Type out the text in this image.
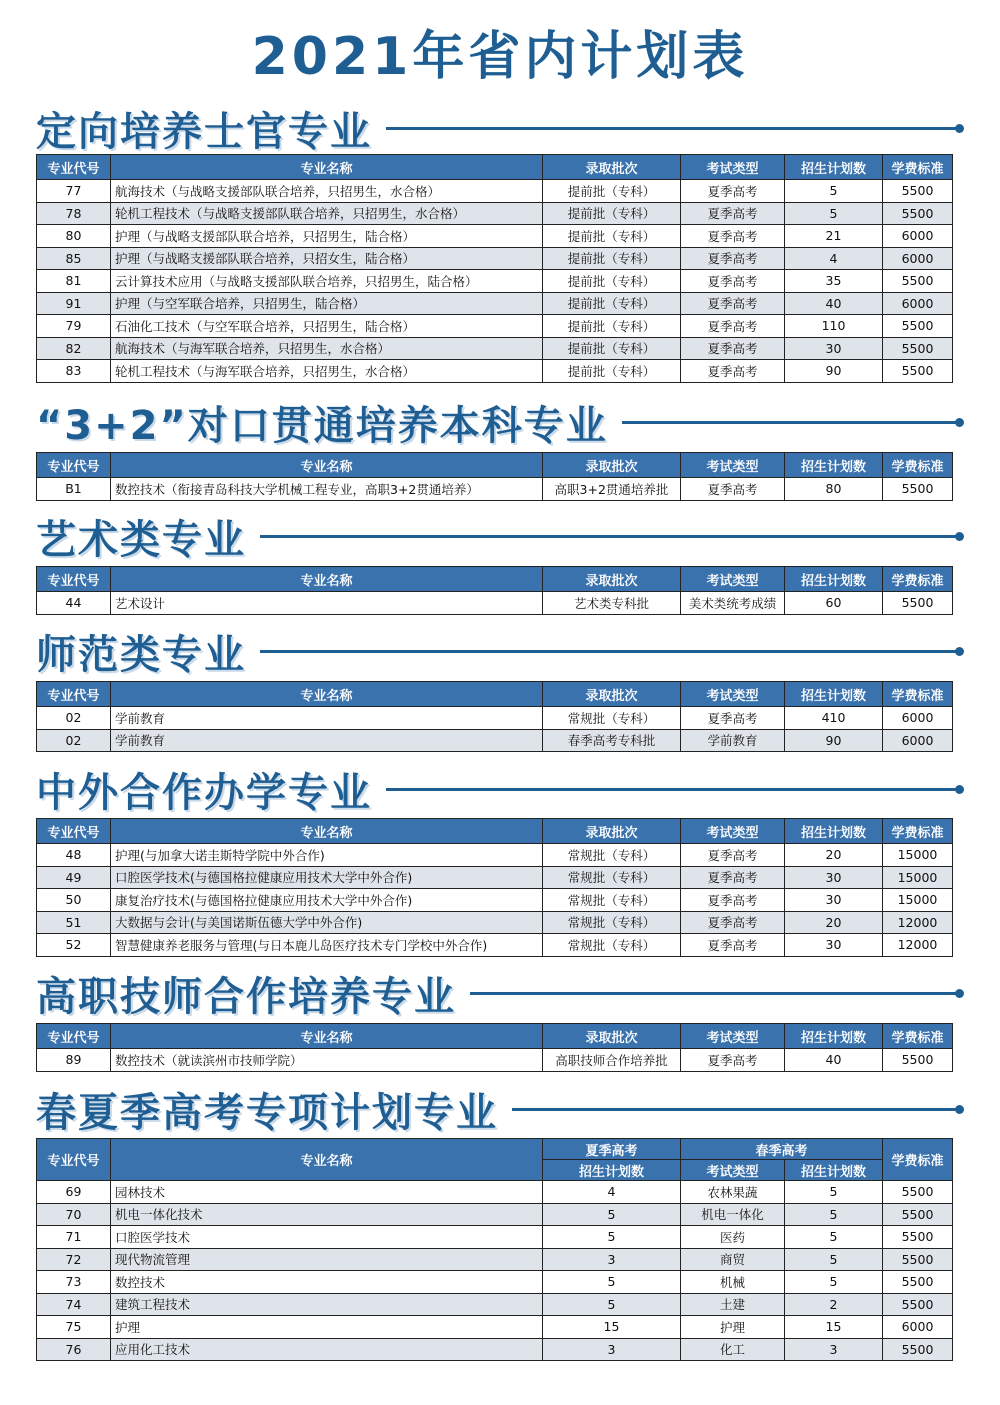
2021年省内计划表
定向培养士官专业
专业代号	专业名称	录取批次	考试类型	招生计划数	学费标准
77	航海技术（与战略支援部队联合培养，只招男生，水合格）	提前批（专科）	夏季高考	5	5500
78	轮机工程技术（与战略支援部队联合培养，只招男生，水合格）	提前批（专科）	夏季高考	5	5500
80	护理（与战略支援部队联合培养，只招男生，陆合格）	提前批（专科）	夏季高考	21	6000
85	护理（与战略支援部队联合培养，只招女生，陆合格）	提前批（专科）	夏季高考	4	6000
81	云计算技术应用（与战略支援部队联合培养，只招男生，陆合格）	提前批（专科）	夏季高考	35	5500
91	护理（与空军联合培养，只招男生，陆合格）	提前批（专科）	夏季高考	40	6000
79	石油化工技术（与空军联合培养，只招男生，陆合格）	提前批（专科）	夏季高考	110	5500
82	航海技术（与海军联合培养，只招男生，水合格）	提前批（专科）	夏季高考	30	5500
83	轮机工程技术（与海军联合培养，只招男生，水合格）	提前批（专科）	夏季高考	90	5500
“3+2”对口贯通培养本科专业
专业代号	专业名称	录取批次	考试类型	招生计划数	学费标准
B1	数控技术（衔接青岛科技大学机械工程专业，高职3+2贯通培养）	高职3+2贯通培养批	夏季高考	80	5500
艺术类专业
专业代号	专业名称	录取批次	考试类型	招生计划数	学费标准
44	艺术设计	艺术类专科批	美术类统考成绩	60	5500
师范类专业
专业代号	专业名称	录取批次	考试类型	招生计划数	学费标准
02	学前教育	常规批（专科）	夏季高考	410	6000
02	学前教育	春季高考专科批	学前教育	90	6000
中外合作办学专业
专业代号	专业名称	录取批次	考试类型	招生计划数	学费标准
48	护理(与加拿大诺圭斯特学院中外合作)	常规批（专科）	夏季高考	20	15000
49	口腔医学技术(与德国格拉健康应用技术大学中外合作)	常规批（专科）	夏季高考	30	15000
50	康复治疗技术(与德国格拉健康应用技术大学中外合作)	常规批（专科）	夏季高考	30	15000
51	大数据与会计(与美国诺斯伍德大学中外合作)	常规批（专科）	夏季高考	20	12000
52	智慧健康养老服务与管理(与日本鹿儿岛医疗技术专门学校中外合作)	常规批（专科）	夏季高考	30	12000
高职技师合作培养专业
专业代号	专业名称	录取批次	考试类型	招生计划数	学费标准
89	数控技术（就读滨州市技师学院）	高职技师合作培养批	夏季高考	40	5500
春夏季高考专项计划专业
专业代号	专业名称	夏季高考	春季高考		学费标准
		招生计划数	考试类型	招生计划数	
69	园林技术	4	农林果蔬	5	5500
70	机电一体化技术	5	机电一体化	5	5500
71	口腔医学技术	5	医药	5	5500
72	现代物流管理	3	商贸	5	5500
73	数控技术	5	机械	5	5500
74	建筑工程技术	5	土建	2	5500
75	护理	15	护理	15	6000
76	应用化工技术	3	化工	3	5500
